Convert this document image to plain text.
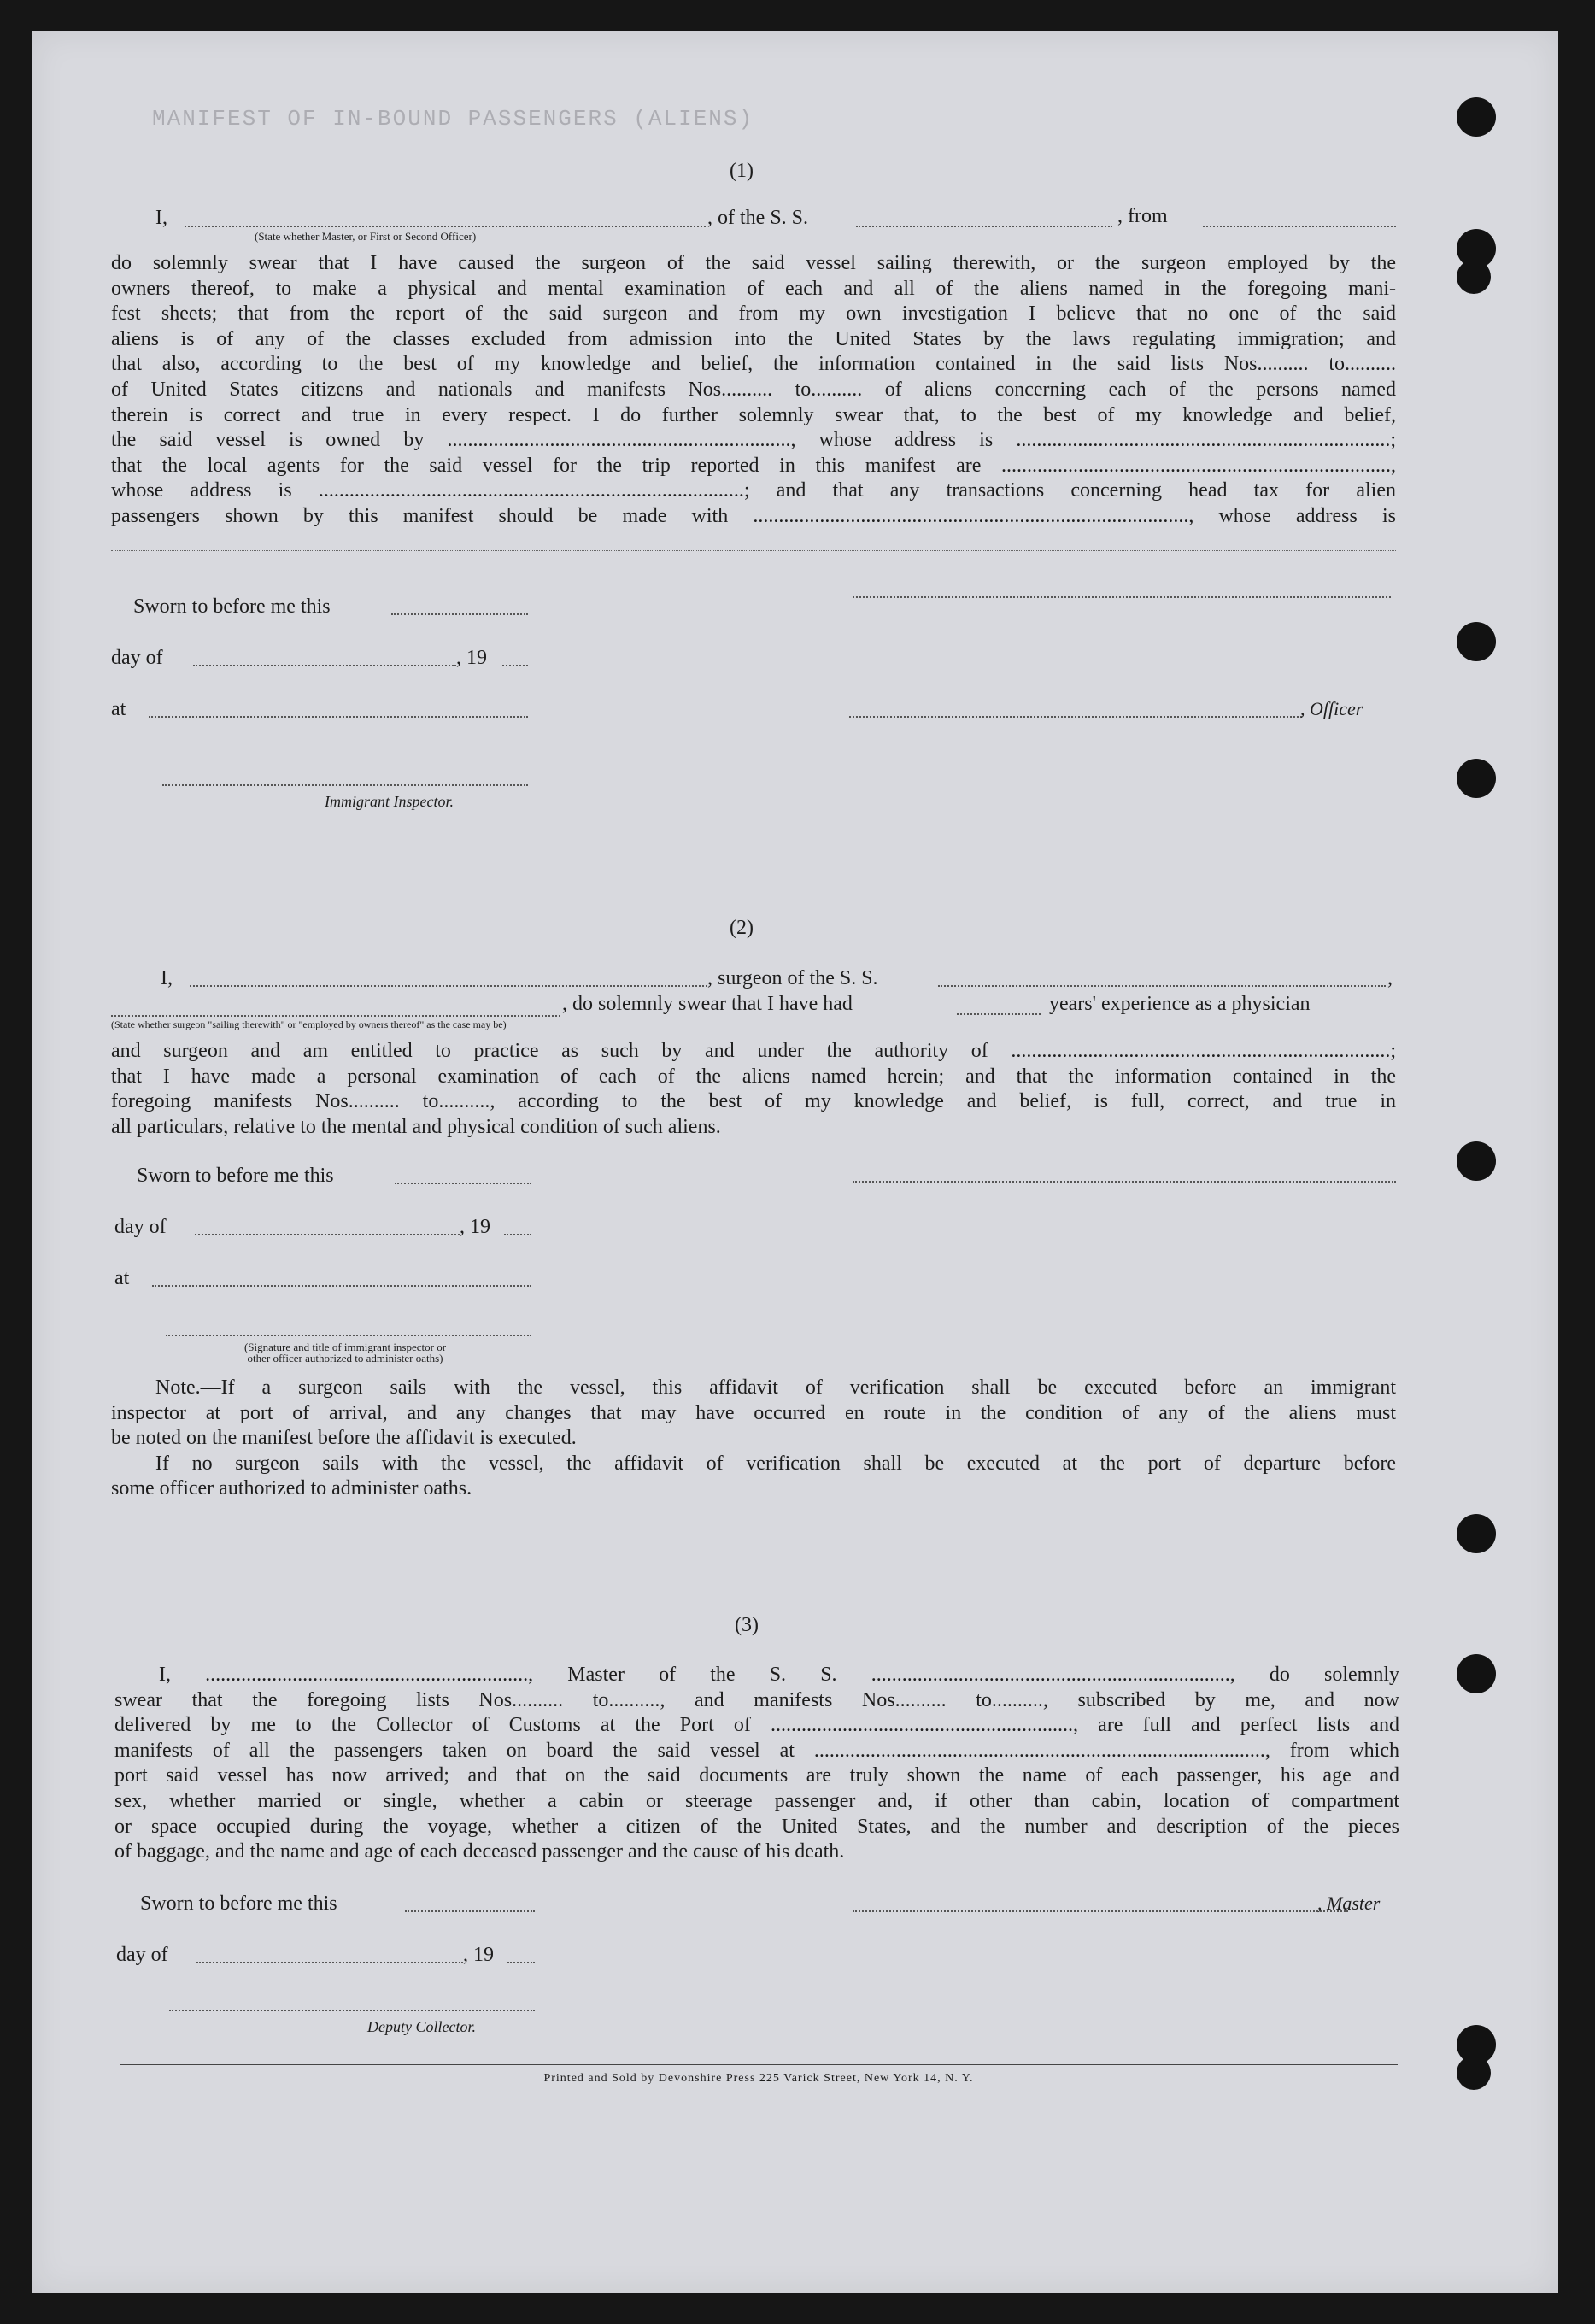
MANIFEST OF IN-BOUND PASSENGERS (ALIENS)
(1)
I,
(State whether Master, or First or Second Officer)
, of the S. S.	, from
do solemnly swear that I have caused the surgeon of the said vessel sailing therewith, or the surgeon employed by the
owners thereof, to make a physical and mental examination of each and all of the aliens named in the foregoing mani-
fest sheets; that from the report of the said surgeon and from my own investigation I believe that no one of the said
aliens is of any of the classes excluded from admission into the United States by the laws regulating immigration; and
that also, according to the best of my knowledge and belief, the information contained in the said lists Nos.......... to..........
of United States citizens and nationals and manifests Nos.......... to.......... of aliens concerning each of the persons named
therein is correct and true in every respect. I do further solemnly swear that, to the best of my knowledge and belief,
the said vessel is owned by ..................................................................., whose address is .........................................................................;
that the local agents for the said vessel for the trip reported in this manifest are ............................................................................,
whose address is ...................................................................................; and that any transactions concerning head tax for alien
passengers shown by this manifest should be made with ....................................................................................., whose address is
Sworn to before me this
day of	, 19
at	, Officer
Immigrant Inspector.
(2)
I,	, surgeon of the S. S.	,
, do solemnly swear that I have had	years' experience as a physician
(State whether surgeon "sailing therewith" or "employed by owners thereof" as the case may be)
and surgeon and am entitled to practice as such by and under the authority of ..........................................................................;
that I have made a personal examination of each of the aliens named herein; and that the information contained in the
foregoing manifests Nos.......... to.........., according to the best of my knowledge and belief, is full, correct, and true in
all particulars, relative to the mental and physical condition of such aliens.
Sworn to before me this
day of	, 19
at
(Signature and title of immigrant inspector or
other officer authorized to administer oaths)
Note.—If a surgeon sails with the vessel, this affidavit of verification shall be executed before an immigrant
inspector at port of arrival, and any changes that may have occurred en route in the condition of any of the aliens must
be noted on the manifest before the affidavit is executed.
If no surgeon sails with the vessel, the affidavit of verification shall be executed at the port of departure before
some officer authorized to administer oaths.
(3)
I, ..............................................................., Master of the S. S. ......................................................................, do solemnly
swear that the foregoing lists Nos.......... to.........., and manifests Nos.......... to.........., subscribed by me, and now
delivered by me to the Collector of Customs at the Port of ..........................................................., are full and perfect lists and
manifests of all the passengers taken on board the said vessel at ........................................................................................, from which
port said vessel has now arrived; and that on the said documents are truly shown the name of each passenger, his age and
sex, whether married or single, whether a cabin or steerage passenger and, if other than cabin, location of compartment
or space occupied during the voyage, whether a citizen of the United States, and the number and description of the pieces
of baggage, and the name and age of each deceased passenger and the cause of his death.
Sworn to before me this	, Master
day of	, 19
Deputy Collector.
Printed and Sold by Devonshire Press 225 Varick Street, New York 14, N. Y.
